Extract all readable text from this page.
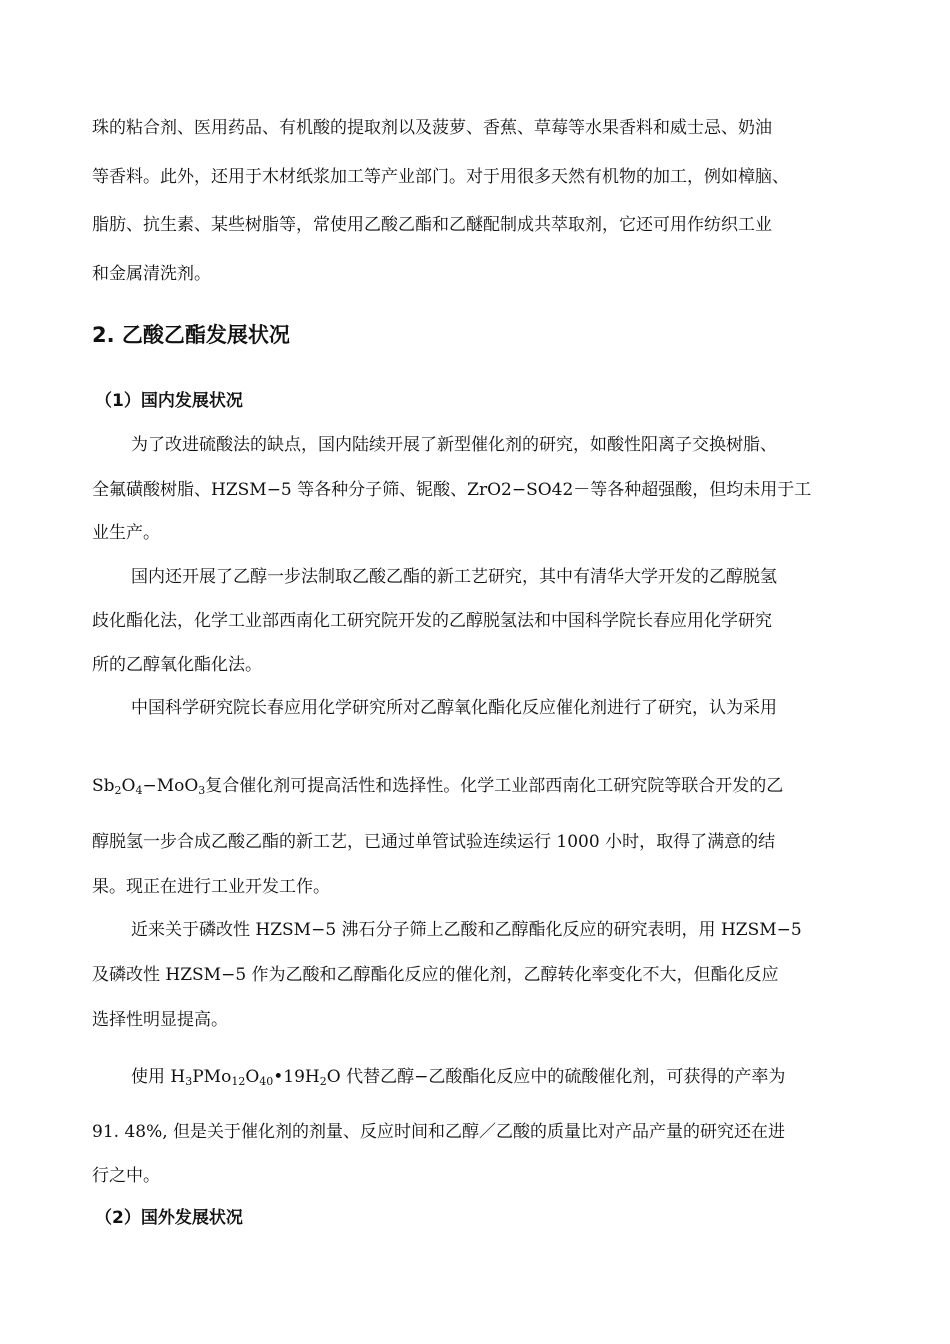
珠的粘合剂、医用药品、有机酸的提取剂以及菠萝、香蕉、草莓等水果香料和威士忌、奶油
等香料。此外，还用于木材纸浆加工等产业部门。对于用很多天然有机物的加工，例如樟脑、
脂肪、抗生素、某些树脂等，常使用乙酸乙酯和乙醚配制成共萃取剂，它还可用作纺织工业
和金属清洗剂。
2. 乙酸乙酯发展状况
（1）国内发展状况
为了改进硫酸法的缺点，国内陆续开展了新型催化剂的研究，如酸性阳离子交换树脂、
全氟磺酸树脂、HZSM−5 等各种分子筛、铌酸、ZrO2−SO42－等各种超强酸，但均未用于工
业生产。
国内还开展了乙醇一步法制取乙酸乙酯的新工艺研究，其中有清华大学开发的乙醇脱氢
歧化酯化法，化学工业部西南化工研究院开发的乙醇脱氢法和中国科学院长春应用化学研究
所的乙醇氧化酯化法。
中国科学研究院长春应用化学研究所对乙醇氧化酯化反应催化剂进行了研究，认为采用
$Sb_2O_4-MoO_3$复合催化剂可提高活性和选择性。化学工业部西南化工研究院等联合开发的乙
醇脱氢一步合成乙酸乙酯的新工艺，已通过单管试验连续运行 1000 小时，取得了满意的结
果。现正在进行工业开发工作。
近来关于磷改性 HZSM−5 沸石分子筛上乙酸和乙醇酯化反应的研究表明，用 HZSM−5
及磷改性 HZSM−5 作为乙酸和乙醇酯化反应的催化剂，乙醇转化率变化不大，但酯化反应
选择性明显提高。
使用 $H_3PMo_{12}O_{40}•19H_2O$ 代替乙醇−乙酸酯化反应中的硫酸催化剂，可获得的产率为
91. 48%, 但是关于催化剂的剂量、反应时间和乙醇／乙酸的质量比对产品产量的研究还在进
行之中。
（2）国外发展状况
